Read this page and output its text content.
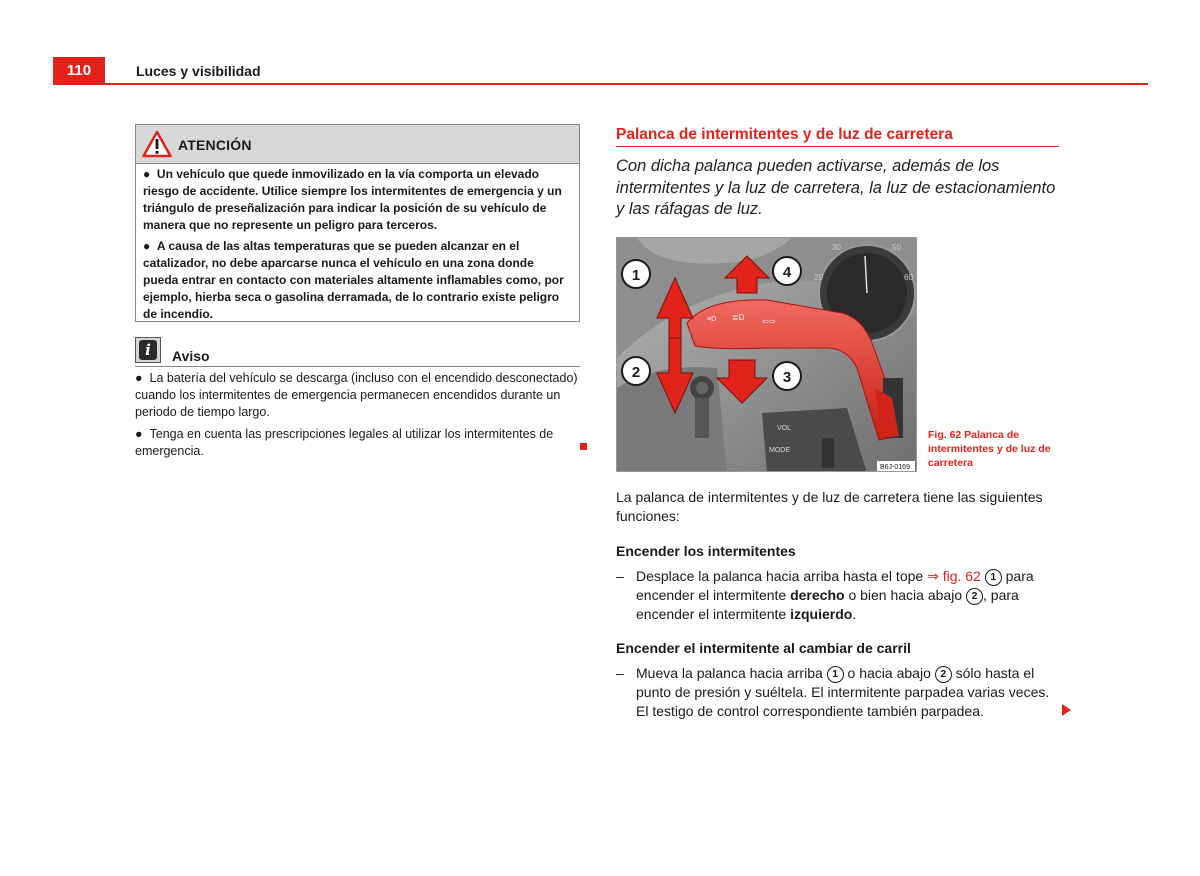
110	Luces y visibilidad
ATENCIÓN

●  Un vehículo que quede inmovilizado en la vía comporta un elevado riesgo de accidente. Utilice siempre los intermitentes de emergencia y un triángulo de preseñalización para indicar la posición de su vehículo de manera que no represente un peligro para terceros.

●  A causa de las altas temperaturas que se pueden alcanzar en el catalizador, no debe aparcarse nunca el vehículo en una zona donde pueda entrar en contacto con materiales altamente inflamables como, por ejemplo, hierba seca o gasolina derramada, de lo contrario existe peligro de incendio.

i	Aviso

●  La batería del vehículo se descarga (incluso con el encendido desconectado) cuando los intermitentes de emergencia permanecen encendidos durante un periodo de tiempo largo.

●  Tenga en cuenta las prescripciones legales al utilizar los intermitentes de emergencia.

Palanca de intermitentes y de luz de carretera
Con dicha palanca pueden activarse, además de los intermitentes y la luz de carretera, la luz de estacionamiento y las ráfagas de luz.
30	50
20	60
VOL
MODE
≡D ≣D ⇦⇨
1
2	3
4
B6J-0169
Fig. 62 Palanca de intermitentes y de luz de carretera
La palanca de intermitentes y de luz de carretera tiene las siguientes funciones:
Encender los intermitentes
– Desplace la palanca hacia arriba hasta el tope ⇒ fig. 62 1 para encender el intermitente derecho o bien hacia abajo 2 , para encender el intermitente izquierdo.
Encender el intermitente al cambiar de carril
– Mueva la palanca hacia arriba 1 o hacia abajo 2 sólo hasta el punto de presión y suéltela. El intermitente parpadea varias veces. El testigo de control correspondiente también parpadea.
